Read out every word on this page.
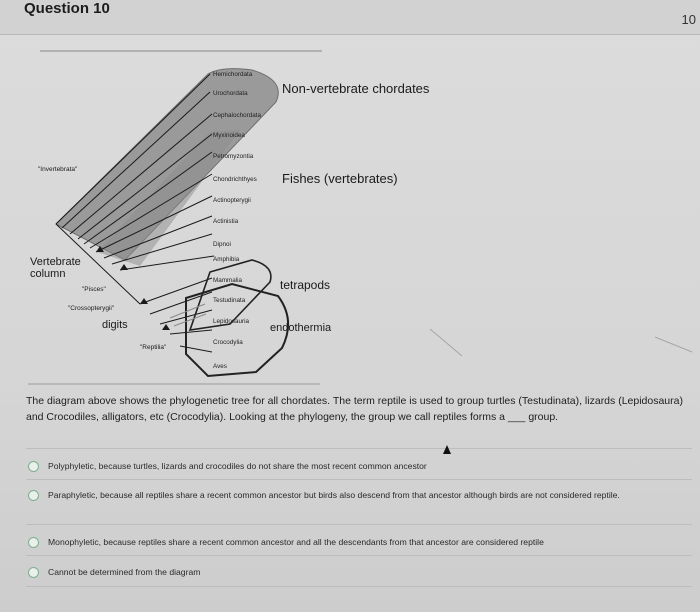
Question 10
10
Hemichordata
Urochordata
Cephalochordata
Myxinoidea
Petromyzontia
Chondrichthyes
Actinopterygii
Actinistia
Dipnoi
Amphibia
Mammalia
Testudinata
Lepidosauria
Crocodylia
Aves
Non-vertebrate chordates
Fishes (vertebrates)
tetrapods
endothermia
"Invertebrata"
Vertebrate column
"Pisces"
"Crossopterygii"
digits
"Reptilia"
The diagram above shows the phylogenetic tree for all chordates. The term reptile is used to group turtles (Testudinata), lizards (Lepidosaura) and Crocodiles, alligators, etc (Crocodylia). Looking at the phylogeny, the group we call reptiles forms a ___ group.
Polyphyletic, because turtles, lizards and crocodiles do not share the most recent common ancestor
Paraphyletic, because all reptiles share a recent common ancestor but birds also descend from that ancestor although birds are not considered reptile.
Monophyletic, because reptiles share a recent common ancestor and all the descendants from that ancestor are considered reptile
Cannot be determined from the diagram
